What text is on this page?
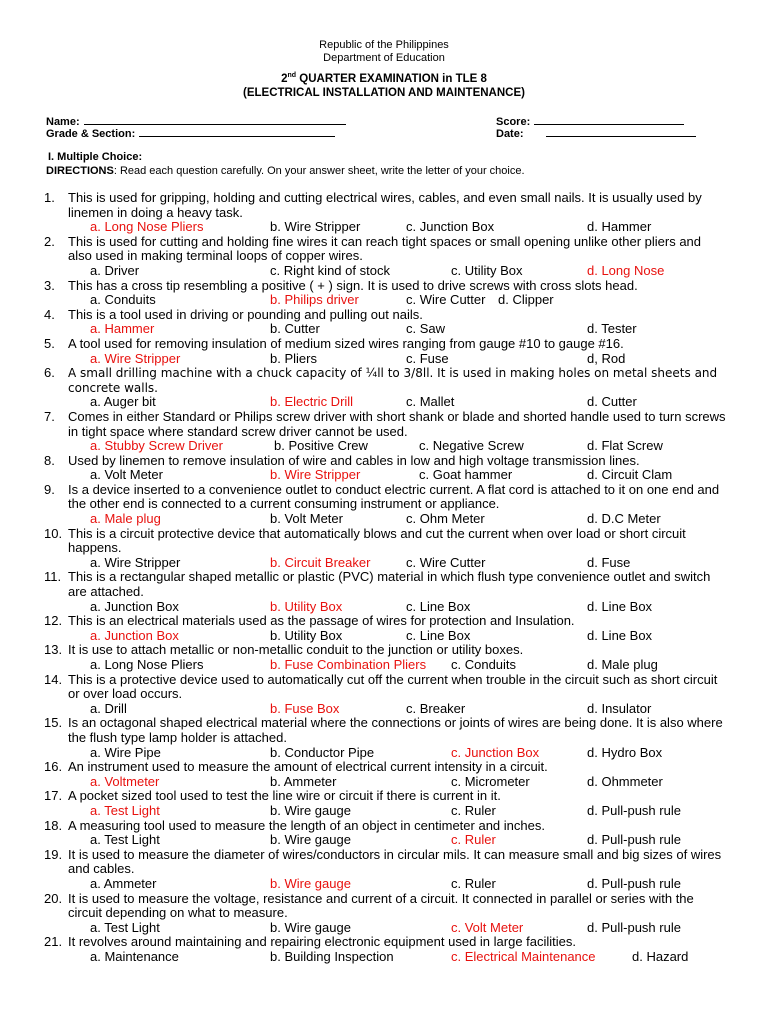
Republic of the Philippines
Department of Education
2nd QUARTER EXAMINATION in TLE 8
(ELECTRICAL INSTALLATION AND MAINTENANCE)
Name:
Grade & Section:
Score:
Date:
I. Multiple Choice:
DIRECTIONS: Read each question carefully. On your answer sheet, write the letter of your choice.
This is used for gripping, holding and cutting electrical wires, cables, and even small nails. It is usually used by linemen in doing a heavy task.
1.
a. Long Nose Pliers	b. Wire Stripper	c. Junction Box	d. Hammer
This is used for cutting and holding fine wires it can reach tight spaces or small opening unlike other pliers and also used in making terminal loops of copper wires.
2.
a. Driver	c. Right kind of stock	c. Utility Box	d. Long Nose
This has a cross tip resembling a positive ( + ) sign. It is used to drive screws with cross slots head.
3.
a. Conduits	b. Philips driver	c. Wire Cutter d. Clipper
This is a tool used in driving or pounding and pulling out nails.
4.
a. Hammer	b. Cutter	c. Saw	d. Tester
A tool used for removing insulation of medium sized wires ranging from gauge #10 to gauge #16.
5.
a. Wire Stripper	b. Pliers	c. Fuse	d, Rod
A small drilling machine with a chuck capacity of ¼ll to 3/8ll. It is used in making holes on metal sheets and concrete walls.
6.
a. Auger bit	b. Electric Drill	c. Mallet	d. Cutter
Comes in either Standard or Philips screw driver with short shank or blade and shorted handle used to turn screws in tight space where standard screw driver cannot be used.
7.
a. Stubby Screw Driver	b. Positive Crew	c. Negative Screw	d. Flat Screw
Used by linemen to remove insulation of wire and cables in low and high voltage transmission lines.
8.
a. Volt Meter	b. Wire Stripper	c. Goat hammer	d. Circuit Clam
Is a device inserted to a convenience outlet to conduct electric current. A flat cord is attached to it on one end and the other end is connected to a current consuming instrument or appliance.
9.
a. Male plug	b. Volt Meter	c. Ohm Meter	d. D.C Meter
This is a circuit protective device that automatically blows and cut the current when over load or short circuit happens.
10.
a. Wire Stripper	b. Circuit Breaker	c. Wire Cutter	d. Fuse
This is a rectangular shaped metallic or plastic (PVC) material in which flush type convenience outlet and switch are attached.
11.
a. Junction Box	b. Utility Box	c. Line Box	d. Line Box
This is an electrical materials used as the passage of wires for protection and Insulation.
12.
a. Junction Box	b. Utility Box	c. Line Box	d. Line Box
It is use to attach metallic or non-metallic conduit to the junction or utility boxes.
13.
a. Long Nose Pliers	b. Fuse Combination Pliers c. Conduits	d. Male plug
This is a protective device used to automatically cut off the current when trouble in the circuit such as short circuit or over load occurs.
14.
a. Drill	b. Fuse Box	c. Breaker	d. Insulator
Is an octagonal shaped electrical material where the connections or joints of wires are being done. It is also where the flush type lamp holder is attached.
15.
a. Wire Pipe	b. Conductor Pipe	c. Junction Box	d. Hydro Box
An instrument used to measure the amount of electrical current intensity in a circuit.
16.
a. Voltmeter	b. Ammeter	c. Micrometer	d. Ohmmeter
A pocket sized tool used to test the line wire or circuit if there is current in it.
17.
a. Test Light	b. Wire gauge	c. Ruler	d. Pull-push rule
A measuring tool used to measure the length of an object in centimeter and inches.
18.
a. Test Light	b. Wire gauge	c. Ruler	d. Pull-push rule
It is used to measure the diameter of wires/conductors in circular mils. It can measure small and big sizes of wires and cables.
19.
a. Ammeter	b. Wire gauge	c. Ruler	d. Pull-push rule
It is used to measure the voltage, resistance and current of a circuit. It connected in parallel or series with the circuit depending on what to measure.
20.
a. Test Light	b. Wire gauge	c. Volt Meter	d. Pull-push rule
It revolves around maintaining and repairing electronic equipment used in large facilities.
21.
a. Maintenance	b. Building Inspection	c. Electrical Maintenance	d. Hazard
